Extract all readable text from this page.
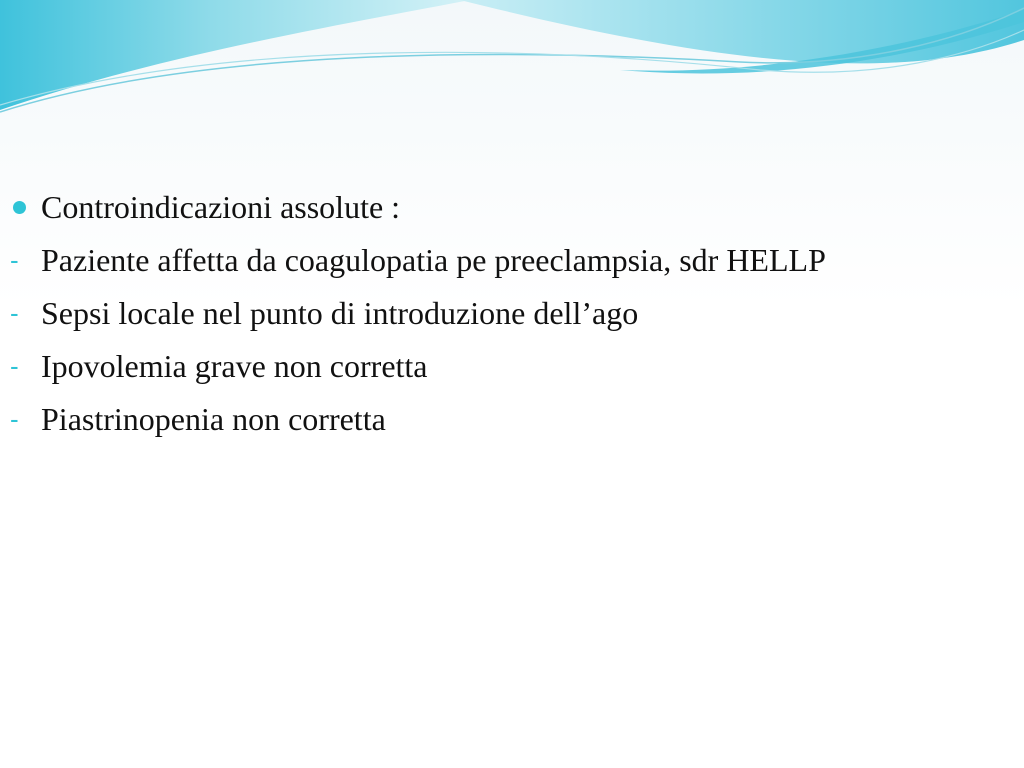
Controindicazioni assolute :
- Paziente affetta da coagulopatia pe preeclampsia, sdr HELLP
- Sepsi locale nel punto di introduzione dell’ago
- Ipovolemia grave non corretta
- Piastrinopenia non corretta
